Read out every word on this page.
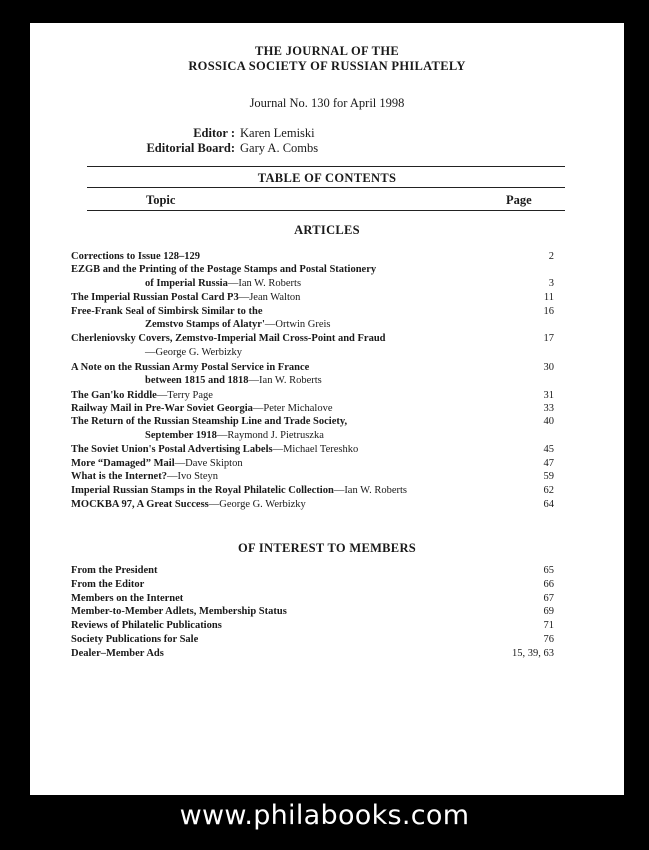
THE JOURNAL OF THE
ROSSICA SOCIETY OF RUSSIAN PHILATELY
Journal No. 130 for April 1998
Editor : Karen Lemiski
Editorial Board: Gary A. Combs
TABLE OF CONTENTS
Topic	Page
ARTICLES
Corrections to Issue 128–129	2
EZGB and the Printing of the Postage Stamps and Postal Stationery
of Imperial Russia—Ian W. Roberts	3
The Imperial Russian Postal Card P3—Jean Walton	11
Free-Frank Seal of Simbirsk Similar to the	16
Zemstvo Stamps of Alatyr'—Ortwin Greis
Cherleniovsky Covers, Zemstvo-Imperial Mail Cross-Point and Fraud	17
—George G. Werbizky
A Note on the Russian Army Postal Service in France	30
between 1815 and 1818—Ian W. Roberts
The Gan'ko Riddle—Terry Page	31
Railway Mail in Pre-War Soviet Georgia—Peter Michalove	33
The Return of the Russian Steamship Line and Trade Society,	40
September 1918—Raymond J. Pietruszka
The Soviet Union's Postal Advertising Labels—Michael Tereshko	45
More “Damaged” Mail—Dave Skipton	47
What is the Internet?—Ivo Steyn	59
Imperial Russian Stamps in the Royal Philatelic Collection—Ian W. Roberts	62
MOCKBA 97, A Great Success—George G. Werbizky	64
OF INTEREST TO MEMBERS
From the President	65
From the Editor	66
Members on the Internet	67
Member-to-Member Adlets, Membership Status	69
Reviews of Philatelic Publications	71
Society Publications for Sale	76
Dealer–Member Ads	15, 39, 63
www.philabooks.com
